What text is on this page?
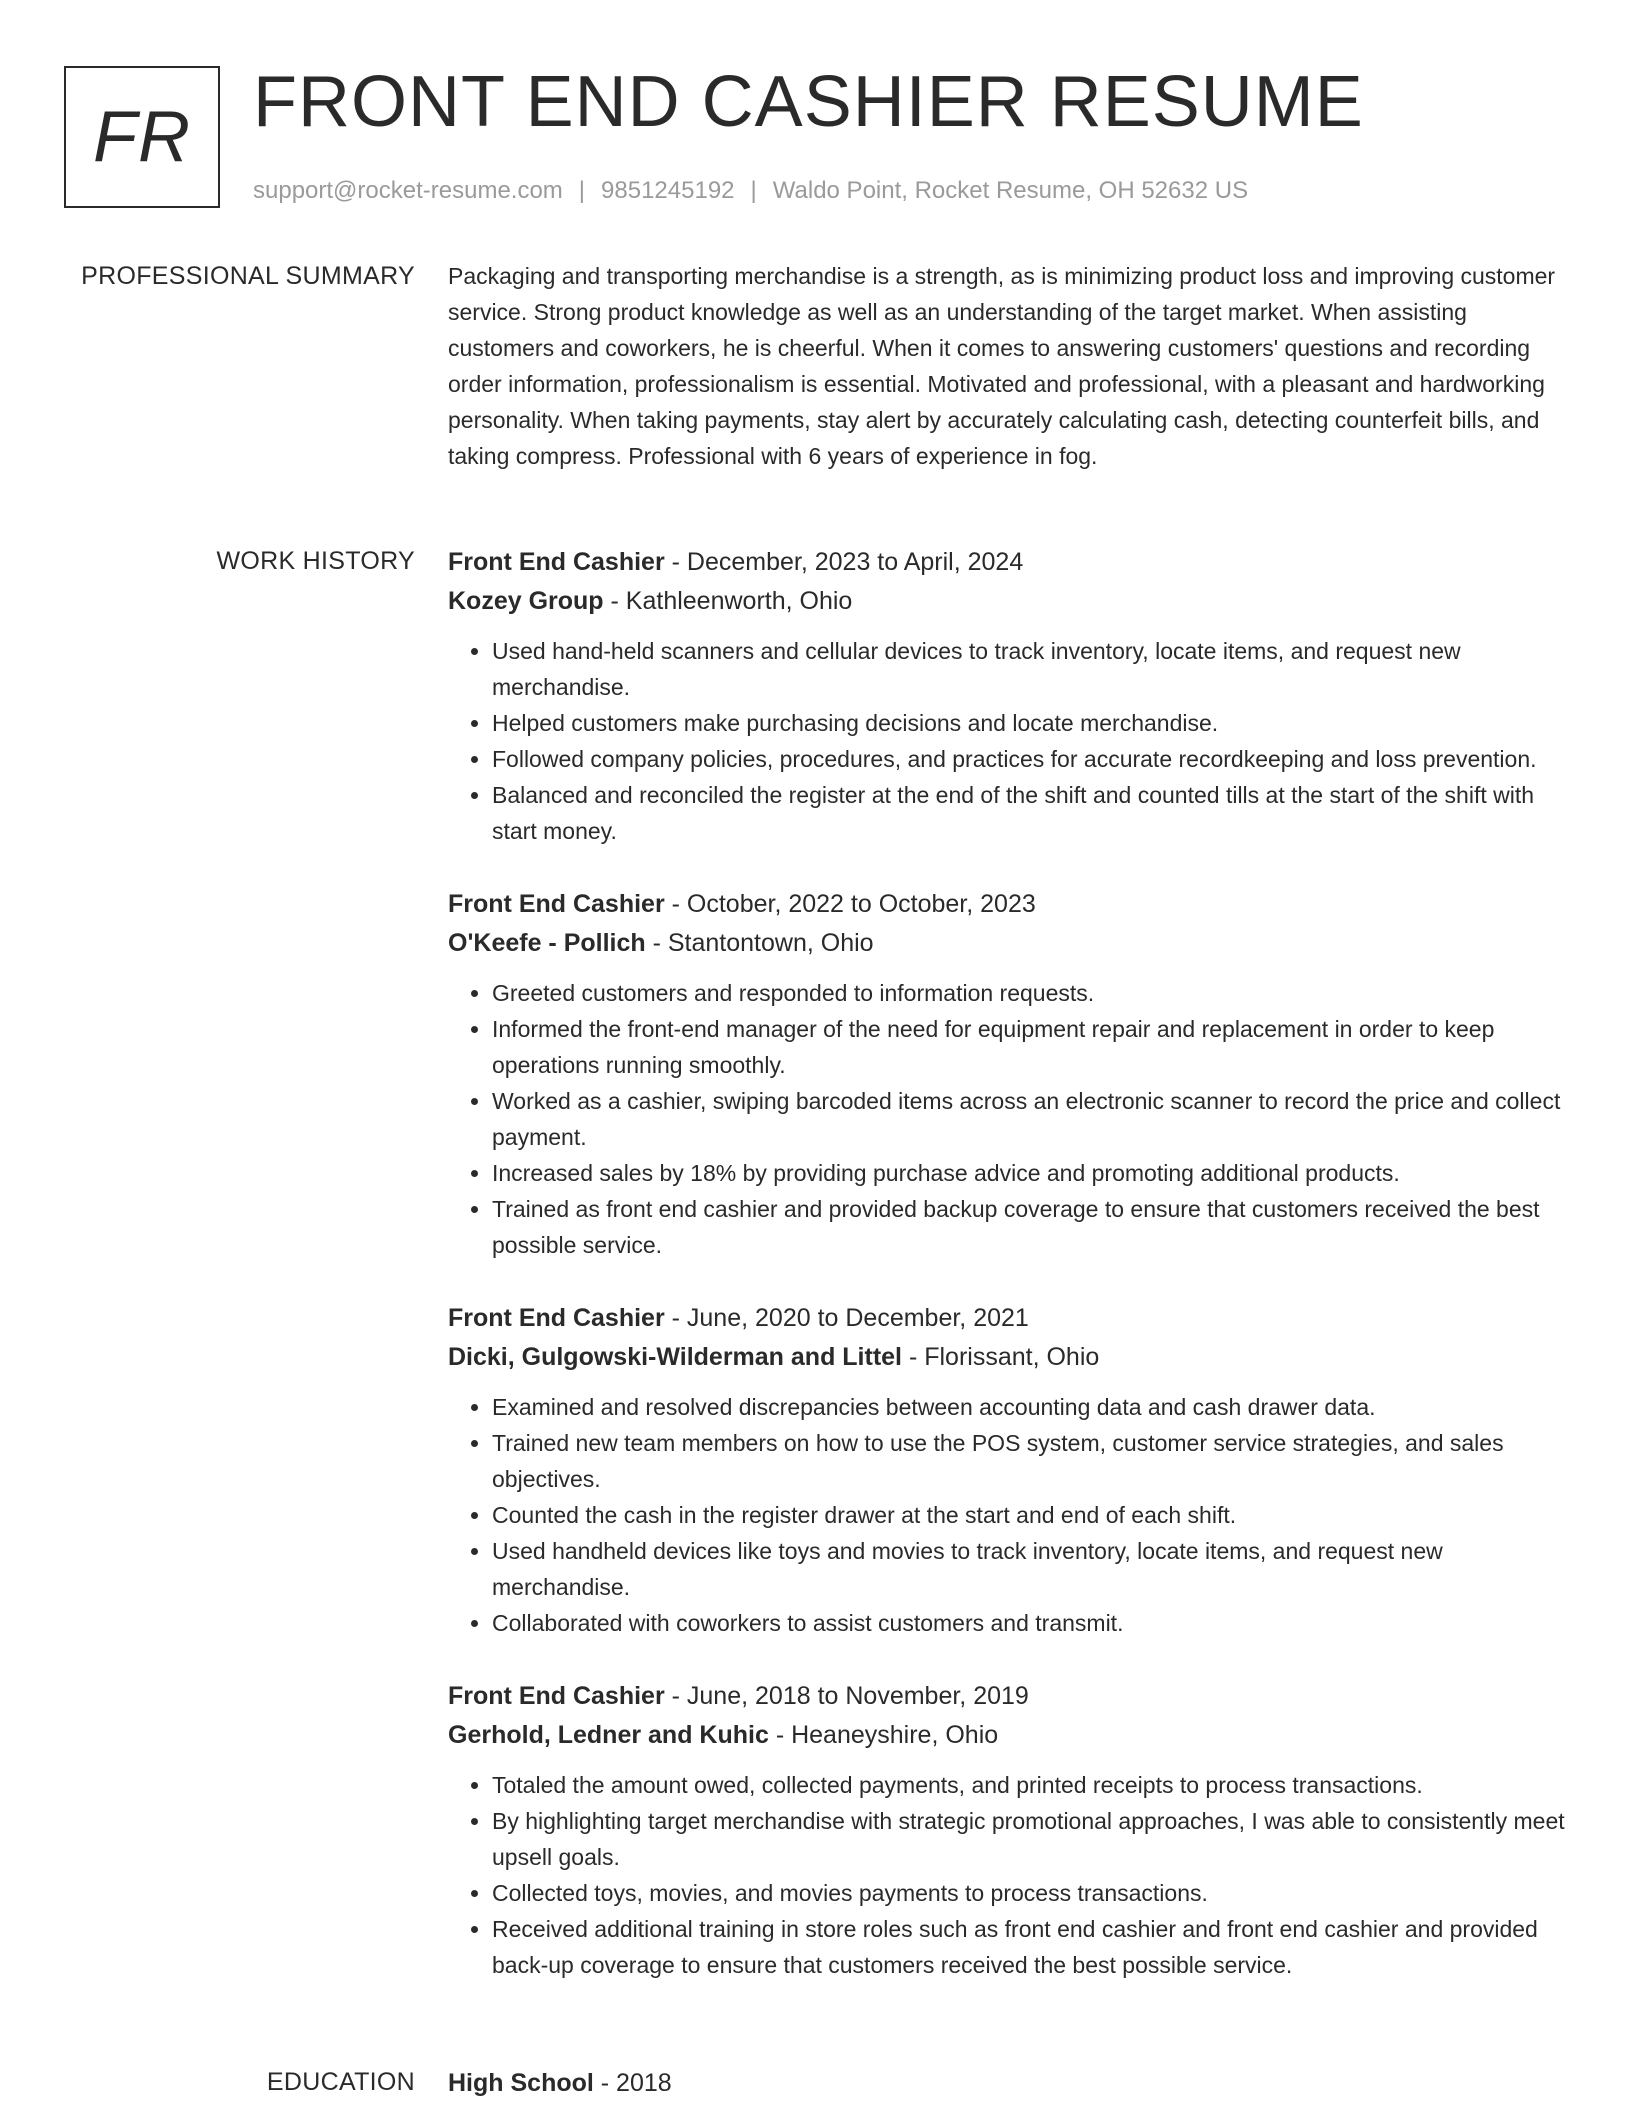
FR FRONT END CASHIER RESUME
support@rocket-resume.com | 9851245192 | Waldo Point, Rocket Resume, OH 52632 US
PROFESSIONAL SUMMARY Packaging and transporting merchandise is a strength, as is minimizing product loss and improving customer service. Strong product knowledge as well as an understanding of the target market. When assisting customers and coworkers, he is cheerful. When it comes to answering customers' questions and recording order information, professionalism is essential. Motivated and professional, with a pleasant and hardworking personality. When taking payments, stay alert by accurately calculating cash, detecting counterfeit bills, and taking compress. Professional with 6 years of experience in fog.

WORK HISTORY Front End Cashier - December, 2023 to April, 2024
Kozey Group - Kathleenworth, Ohio
• Used hand-held scanners and cellular devices to track inventory, locate items, and request new merchandise.
• Helped customers make purchasing decisions and locate merchandise.
• Followed company policies, procedures, and practices for accurate recordkeeping and loss prevention.
• Balanced and reconciled the register at the end of the shift and counted tills at the start of the shift with start money.
Front End Cashier - October, 2022 to October, 2023
O'Keefe - Pollich - Stantontown, Ohio
• Greeted customers and responded to information requests.
• Informed the front-end manager of the need for equipment repair and replacement in order to keep operations running smoothly.
• Worked as a cashier, swiping barcoded items across an electronic scanner to record the price and collect payment.
• Increased sales by 18% by providing purchase advice and promoting additional products.
• Trained as front end cashier and provided backup coverage to ensure that customers received the best possible service.
Front End Cashier - June, 2020 to December, 2021
Dicki, Gulgowski-Wilderman and Littel - Florissant, Ohio
• Examined and resolved discrepancies between accounting data and cash drawer data.
• Trained new team members on how to use the POS system, customer service strategies, and sales objectives.
• Counted the cash in the register drawer at the start and end of each shift.
• Used handheld devices like toys and movies to track inventory, locate items, and request new merchandise.
• Collaborated with coworkers to assist customers and transmit.
Front End Cashier - June, 2018 to November, 2019
Gerhold, Ledner and Kuhic - Heaneyshire, Ohio
• Totaled the amount owed, collected payments, and printed receipts to process transactions.
• By highlighting target merchandise with strategic promotional approaches, I was able to consistently meet upsell goals.
• Collected toys, movies, and movies payments to process transactions.
• Received additional training in store roles such as front end cashier and front end cashier and provided back-up coverage to ensure that customers received the best possible service.
EDUCATION High School - 2018
